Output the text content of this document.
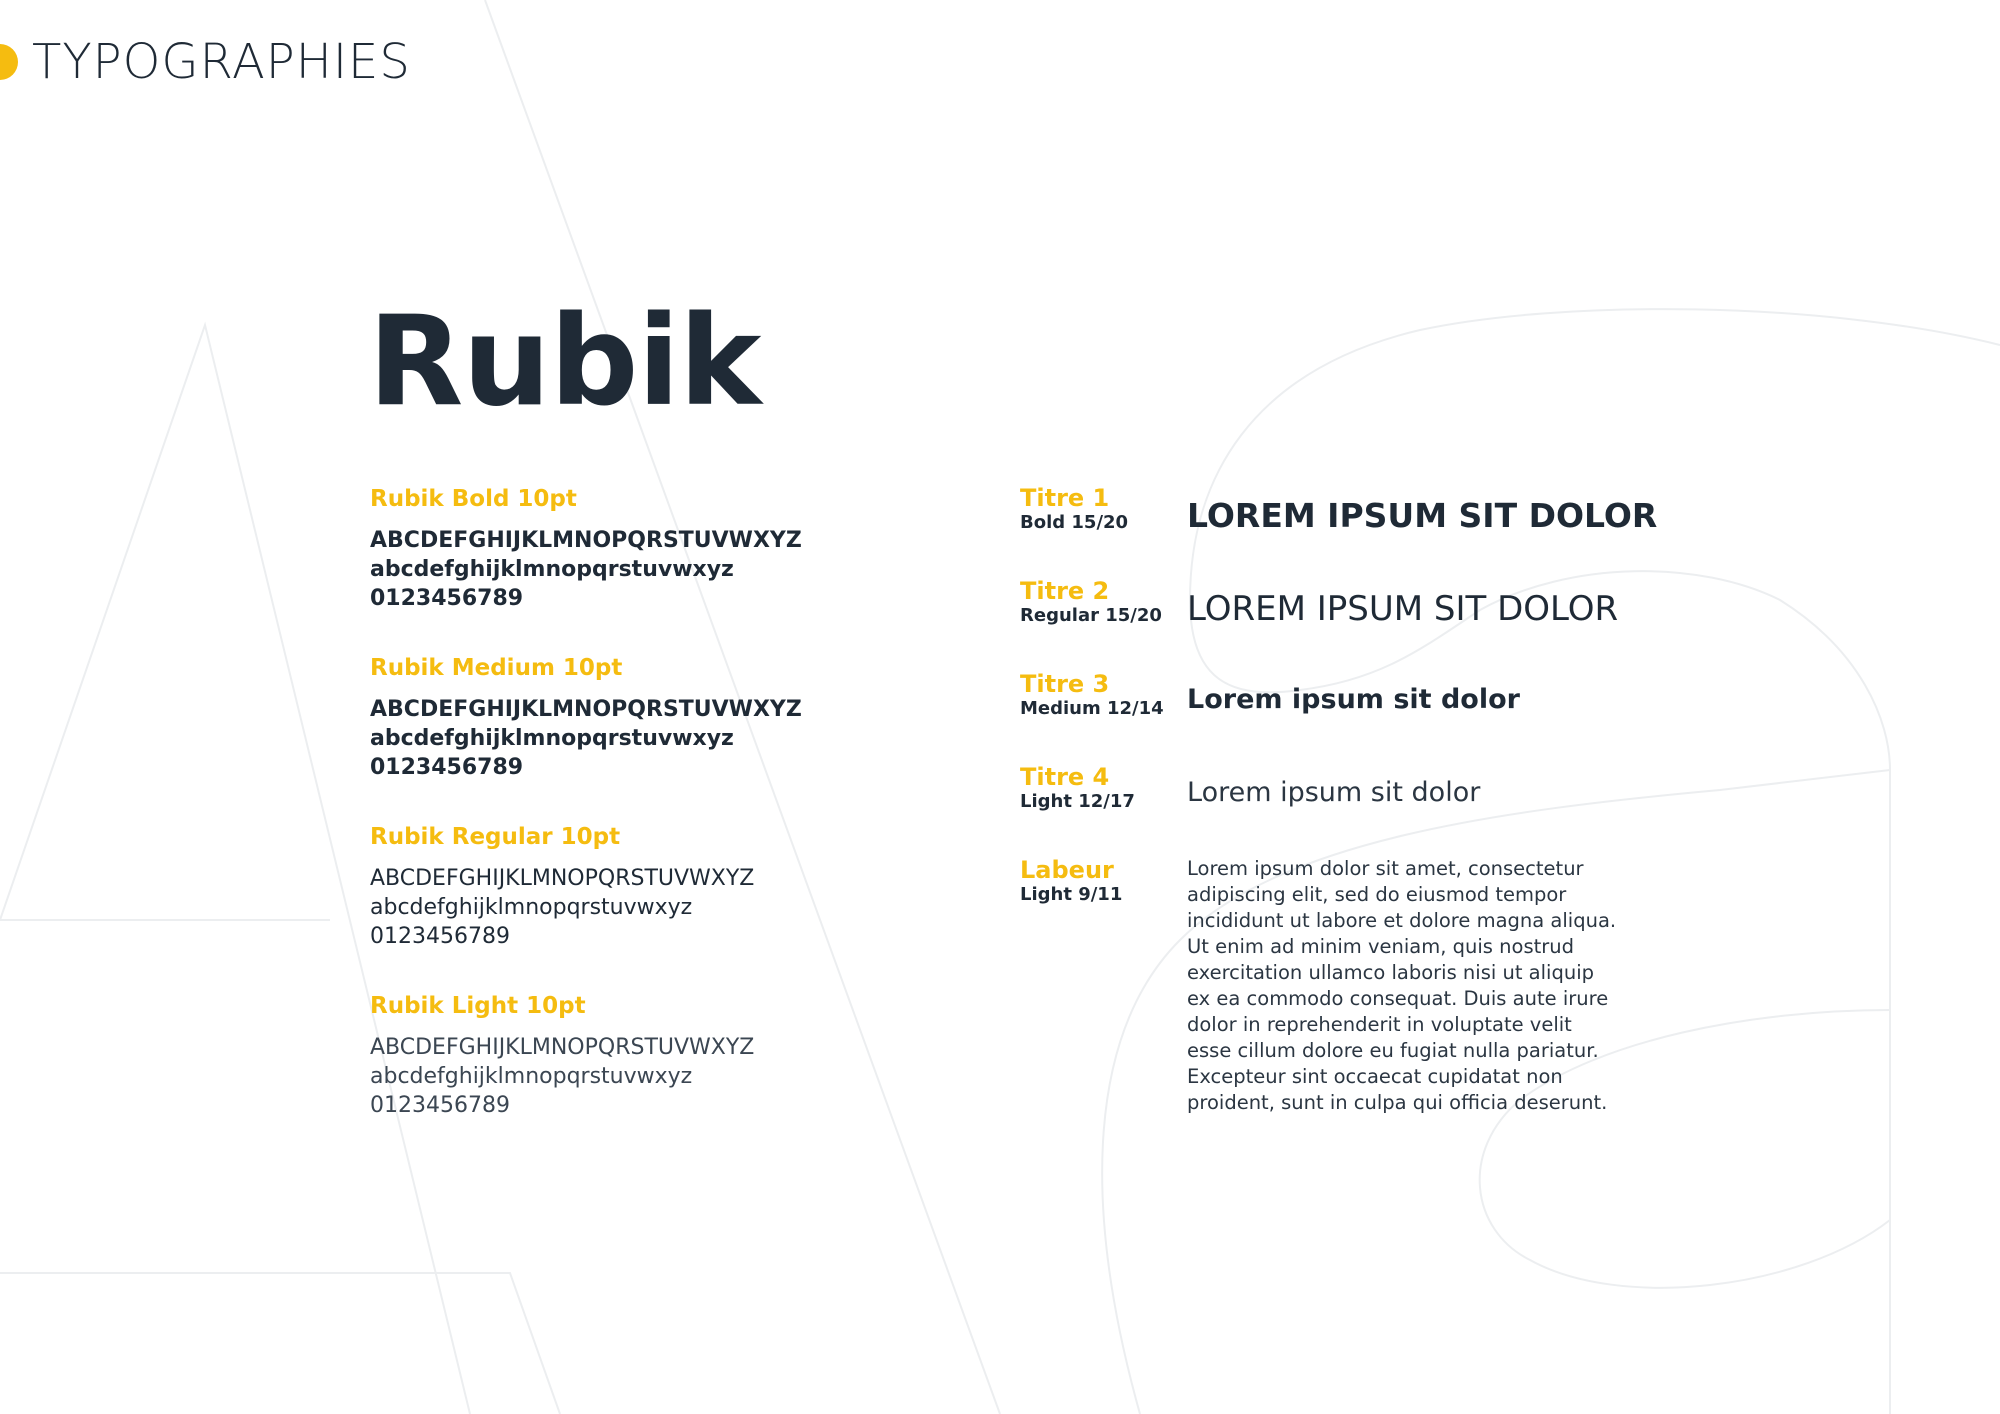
TYPOGRAPHIES
Rubik
Rubik Bold 10pt
ABCDEFGHIJKLMNOPQRSTUVWXYZ
abcdefghijklmnopqrstuvwxyz
0123456789
Rubik Medium 10pt
ABCDEFGHIJKLMNOPQRSTUVWXYZ
abcdefghijklmnopqrstuvwxyz
0123456789
Rubik Regular 10pt
ABCDEFGHIJKLMNOPQRSTUVWXYZ
abcdefghijklmnopqrstuvwxyz
0123456789
Rubik Light 10pt
ABCDEFGHIJKLMNOPQRSTUVWXYZ
abcdefghijklmnopqrstuvwxyz
0123456789
Titre 1
Bold 15/20	LOREM IPSUM SIT DOLOR
Titre 2
Regular 15/20 LOREM IPSUM SIT DOLOR
Titre 3
Medium 12/14 Lorem ipsum sit dolor
Titre 4
Light 12/17	Lorem ipsum sit dolor
Labeur
Light 9/11
Lorem ipsum dolor sit amet, consectetur
adipiscing elit, sed do eiusmod tempor
incididunt ut labore et dolore magna aliqua.
Ut enim ad minim veniam, quis nostrud
exercitation ullamco laboris nisi ut aliquip
ex ea commodo consequat. Duis aute irure
dolor in reprehenderit in voluptate velit
esse cillum dolore eu fugiat nulla pariatur.
Excepteur sint occaecat cupidatat non
proident, sunt in culpa qui officia deserunt.
